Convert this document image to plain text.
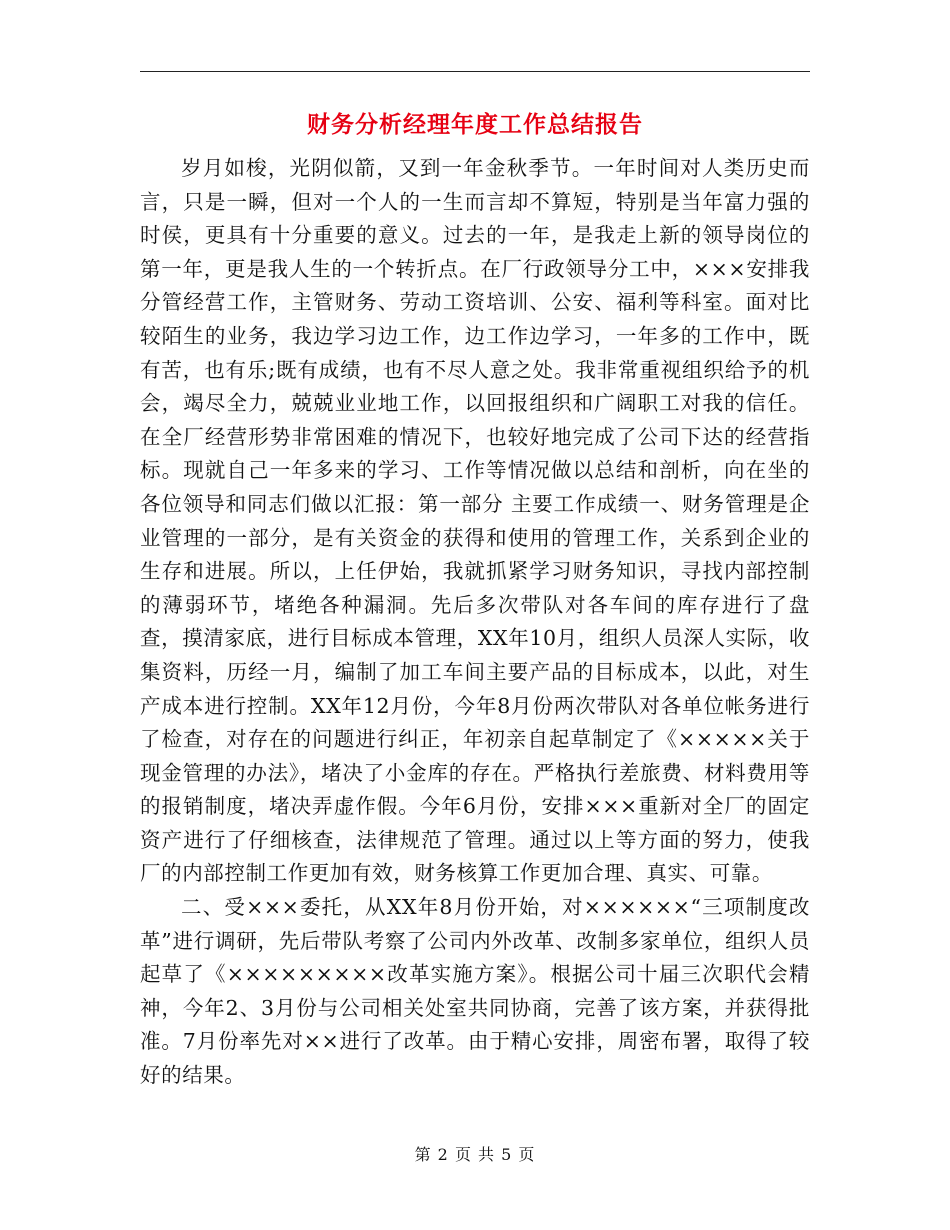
财务分析经理年度工作总结报告

岁月如梭，光阴似箭，又到一年金秋季节。一年时间对人类历史而言，只是一瞬，但对一个人的一生而言却不算短，特别是当年富力强的时侯，更具有十分重要的意义。过去的一年，是我走上新的领导岗位的第一年，更是我人生的一个转折点。在厂行政领导分工中，×××安排我分管经营工作，主管财务、劳动工资培训、公安、福利等科室。面对比较陌生的业务，我边学习边工作，边工作边学习，一年多的工作中，既有苦，也有乐;既有成绩，也有不尽人意之处。我非常重视组织给予的机会，竭尽全力，兢兢业业地工作，以回报组织和广阔职工对我的信任。在全厂经营形势非常困难的情况下，也较好地完成了公司下达的经营指标。现就自己一年多来的学习、工作等情况做以总结和剖析，向在坐的各位领导和同志们做以汇报：第一部分 主要工作成绩一、财务管理是企业管理的一部分，是有关资金的获得和使用的管理工作，关系到企业的生存和进展。所以，上任伊始，我就抓紧学习财务知识，寻找内部控制的薄弱环节，堵绝各种漏洞。先后多次带队对各车间的库存进行了盘查，摸清家底，进行目标成本管理，XX年10月，组织人员深人实际，收集资料，历经一月，编制了加工车间主要产品的目标成本，以此，对生产成本进行控制。XX年12月份，今年8月份两次带队对各单位帐务进行了检查，对存在的问题进行纠正，年初亲自起草制定了《×××××关于现金管理的办法》，堵决了小金库的存在。严格执行差旅费、材料费用等的报销制度，堵决弄虚作假。今年6月份，安排×××重新对全厂的固定资产进行了仔细核查，法律规范了管理。通过以上等方面的努力，使我厂的内部控制工作更加有效，财务核算工作更加合理、真实、可靠。

二、受×××委托，从XX年8月份开始，对××××××“三项制度改革”进行调研，先后带队考察了公司内外改革、改制多家单位，组织人员起草了《×××××××××改革实施方案》。根据公司十届三次职代会精神，今年2、3月份与公司相关处室共同协商，完善了该方案，并获得批准。7月份率先对××进行了改革。由于精心安排，周密布署，取得了较好的结果。

第 2 页 共 5 页
